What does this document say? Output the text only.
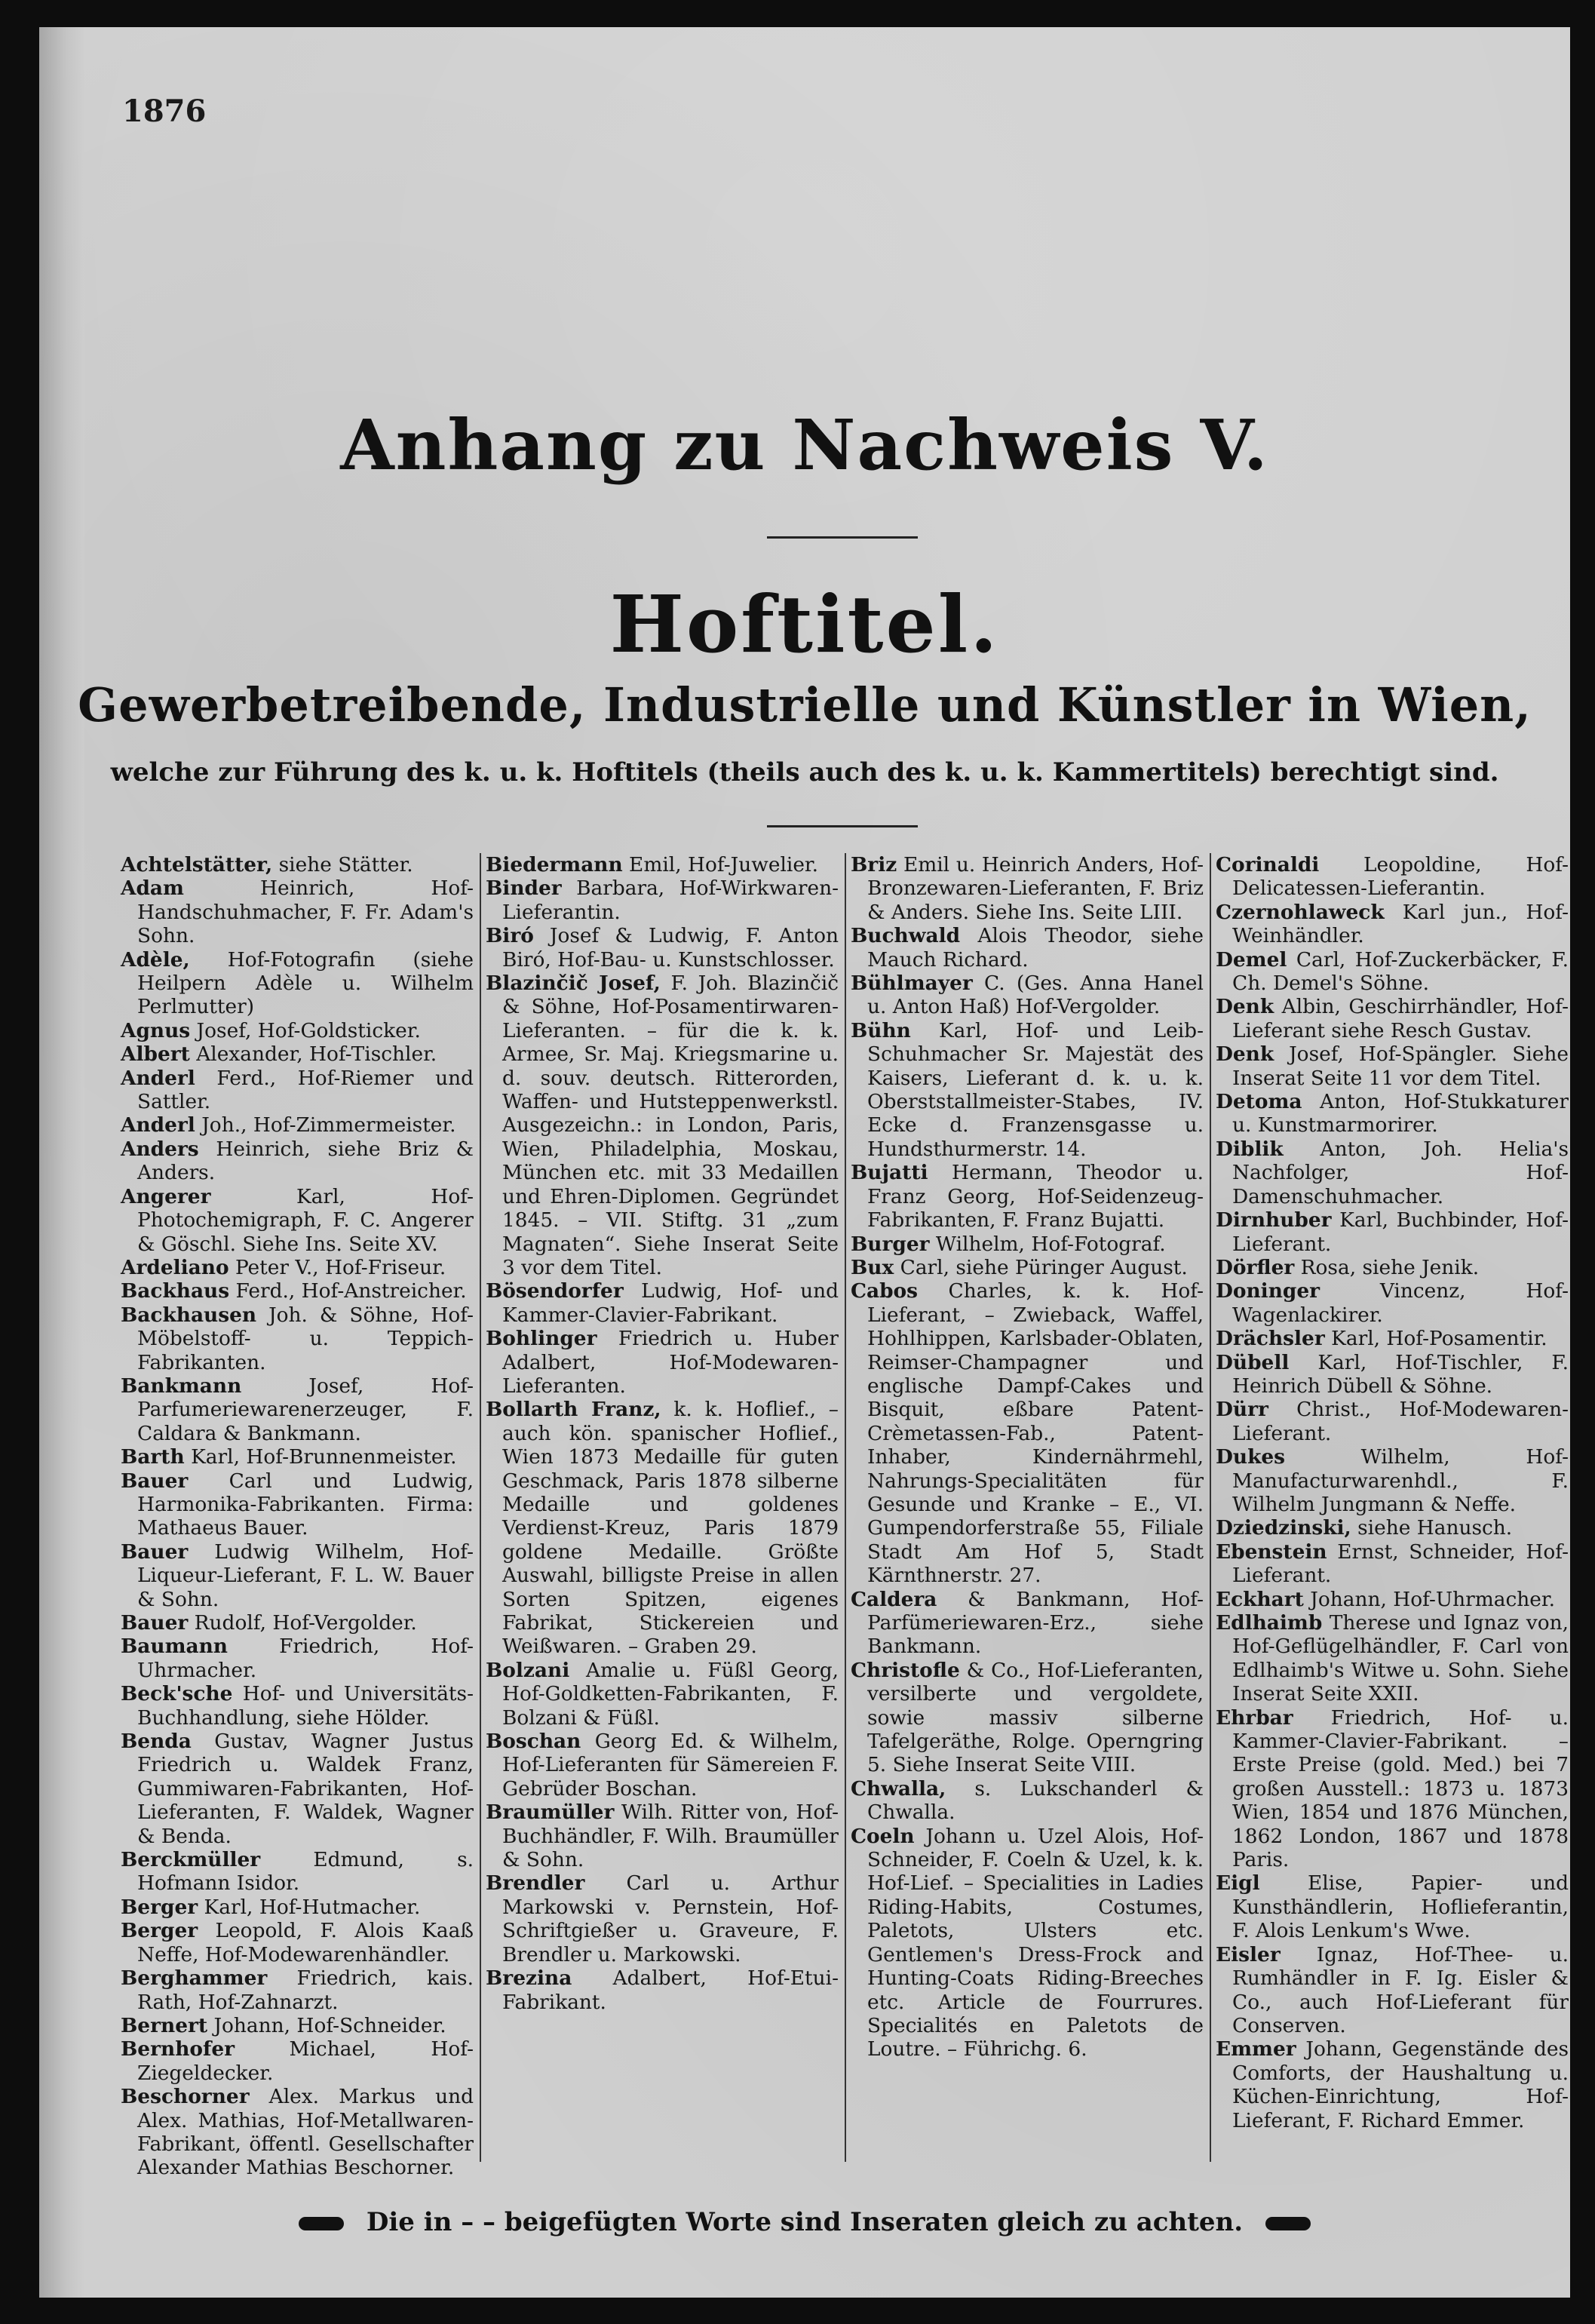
1876
Anhang zu Nachweis V.
Hoftitel.
Gewerbetreibende, Industrielle und Künstler in Wien,
welche zur Führung des k. u. k. Hoftitels (theils auch des k. u. k. Kammertitels) berechtigt sind.
Achtelstätter, siehe Stätter.
Adam Heinrich, Hof-Handschuhmacher, F. Fr. Adam's Sohn.
Adèle, Hof-Fotografin (siehe Heilpern Adèle u. Wilhelm Perlmutter)
Agnus Josef, Hof-Goldsticker.
Albert Alexander, Hof-Tischler.
Anderl Ferd., Hof-Riemer und Sattler.
Anderl Joh., Hof-Zimmermeister.
Anders Heinrich, siehe Briz & Anders.
Angerer Karl, Hof-Photochemigraph, F. C. Angerer & Göschl. Siehe Ins. Seite XV.
Ardeliano Peter V., Hof-Friseur.
Backhaus Ferd., Hof-Anstreicher.
Backhausen Joh. & Söhne, Hof-Möbelstoff- u. Teppich-Fabrikanten.
Bankmann Josef, Hof-Parfumeriewarenerzeuger, F. Caldara & Bankmann.
Barth Karl, Hof-Brunnenmeister.
Bauer Carl und Ludwig, Harmonika-Fabrikanten. Firma: Mathaeus Bauer.
Bauer Ludwig Wilhelm, Hof-Liqueur-Lieferant, F. L. W. Bauer & Sohn.
Bauer Rudolf, Hof-Vergolder.
Baumann Friedrich, Hof-Uhrmacher.
Beck'sche Hof- und Universitäts-Buchhandlung, siehe Hölder.
Benda Gustav, Wagner Justus Friedrich u. Waldek Franz, Gummiwaren-Fabrikanten, Hof-Lieferanten, F. Waldek, Wagner & Benda.
Berckmüller Edmund, s. Hofmann Isidor.
Berger Karl, Hof-Hutmacher.
Berger Leopold, F. Alois Kaaß Neffe, Hof-Modewarenhändler.
Berghammer Friedrich, kais. Rath, Hof-Zahnarzt.
Bernert Johann, Hof-Schneider.
Bernhofer Michael, Hof-Ziegeldecker.
Beschorner Alex. Markus und Alex. Mathias, Hof-Metallwaren-Fabrikant, öffentl. Gesellschafter Alexander Mathias Beschorner.
Biedermann Emil, Hof-Juwelier.
Binder Barbara, Hof-Wirkwaren-Lieferantin.
Biró Josef & Ludwig, F. Anton Biró, Hof-Bau- u. Kunstschlosser.
Blazinčič Josef, F. Joh. Blazinčič & Söhne, Hof-Posamentirwaren-Lieferanten. – für die k. k. Armee, Sr. Maj. Kriegsmarine u. d. souv. deutsch. Ritterorden, Waffen- und Hutsteppenwerkstl. Ausgezeichn.: in London, Paris, Wien, Philadelphia, Moskau, München etc. mit 33 Medaillen und Ehren-Diplomen. Gegründet 1845. – VII. Stiftg. 31 „zum Magnaten“. Siehe Inserat Seite 3 vor dem Titel.
Bösendorfer Ludwig, Hof- und Kammer-Clavier-Fabrikant.
Bohlinger Friedrich u. Huber Adalbert, Hof-Modewaren-Lieferanten.
Bollarth Franz, k. k. Hoflief., –auch kön. spanischer Hoflief., Wien 1873 Medaille für guten Geschmack, Paris 1878 silberne Medaille und goldenes Verdienst-Kreuz, Paris 1879 goldene Medaille. Größte Auswahl, billigste Preise in allen Sorten Spitzen, eigenes Fabrikat, Stickereien und Weißwaren. – Graben 29.
Bolzani Amalie u. Füßl Georg, Hof-Goldketten-Fabrikanten, F. Bolzani & Füßl.
Boschan Georg Ed. & Wilhelm, Hof-Lieferanten für Sämereien F. Gebrüder Boschan.
Braumüller Wilh. Ritter von, Hof-Buchhändler, F. Wilh. Braumüller & Sohn.
Brendler Carl u. Arthur Markowski v. Pernstein, Hof-Schriftgießer u. Graveure, F. Brendler u. Markowski.
Brezina Adalbert, Hof-Etui-Fabrikant.
Briz Emil u. Heinrich Anders, Hof-Bronzewaren-Lieferanten, F. Briz & Anders. Siehe Ins. Seite LIII.
Buchwald Alois Theodor, siehe Mauch Richard.
Bühlmayer C. (Ges. Anna Hanel u. Anton Haß) Hof-Vergolder.
Bühn Karl, Hof- und Leib-Schuhmacher Sr. Majestät des Kaisers, Lieferant d. k. u. k. Oberststallmeister-Stabes, IV. Ecke d. Franzensgasse u. Hundsthurmerstr. 14.
Bujatti Hermann, Theodor u. Franz Georg, Hof-Seidenzeug-Fabrikanten, F. Franz Bujatti.
Burger Wilhelm, Hof-Fotograf.
Bux Carl, siehe Püringer August.
Cabos Charles, k. k. Hof-Lieferant, – Zwieback, Waffel, Hohlhippen, Karlsbader-Oblaten, Reimser-Champagner und englische Dampf-Cakes und Bisquit, eßbare Patent-Crèmetassen-Fab., Patent-Inhaber, Kindernährmehl, Nahrungs-Specialitäten für Gesunde und Kranke – E., VI. Gumpendorferstraße 55, Filiale Stadt Am Hof 5, Stadt Kärnthnerstr. 27.
Caldera & Bankmann, Hof-Parfümeriewaren-Erz., siehe Bankmann.
Christofle & Co., Hof-Lieferanten, versilberte und vergoldete, sowie massiv silberne Tafelgeräthe, Rolge. Operngring 5. Siehe Inserat Seite VIII.
Chwalla, s. Lukschanderl & Chwalla.
Coeln Johann u. Uzel Alois, Hof-Schneider, F. Coeln & Uzel, k. k. Hof-Lief. – Specialities in Ladies Riding-Habits, Costumes, Paletots, Ulsters etc. Gentlemen's Dress-Frock and Hunting-Coats Riding-Breeches etc. Article de Fourrures. Specialités en Paletots de Loutre. – Führichg. 6.
Corinaldi Leopoldine, Hof-Delicatessen-Lieferantin.
Czernohlaweck Karl jun., Hof-Weinhändler.
Demel Carl, Hof-Zuckerbäcker, F. Ch. Demel's Söhne.
Denk Albin, Geschirrhändler, Hof-Lieferant siehe Resch Gustav.
Denk Josef, Hof-Spängler. Siehe Inserat Seite 11 vor dem Titel.
Detoma Anton, Hof-Stukkaturer u. Kunstmarmorirer.
Diblik Anton, Joh. Helia's Nachfolger, Hof-Damenschuhmacher.
Dirnhuber Karl, Buchbinder, Hof-Lieferant.
Dörfler Rosa, siehe Jenik.
Doninger Vincenz, Hof-Wagenlackirer.
Drächsler Karl, Hof-Posamentir.
Dübell Karl, Hof-Tischler, F. Heinrich Dübell & Söhne.
Dürr Christ., Hof-Modewaren-Lieferant.
Dukes Wilhelm, Hof-Manufacturwarenhdl., F. Wilhelm Jungmann & Neffe.
Dziedzinski, siehe Hanusch.
Ebenstein Ernst, Schneider, Hof-Lieferant.
Eckhart Johann, Hof-Uhrmacher.
Edlhaimb Therese und Ignaz von, Hof-Geflügelhändler, F. Carl von Edlhaimb's Witwe u. Sohn. Siehe Inserat Seite XXII.
Ehrbar Friedrich, Hof- u. Kammer-Clavier-Fabrikant. – Erste Preise (gold. Med.) bei 7 großen Ausstell.: 1873 u. 1873 Wien, 1854 und 1876 München, 1862 London, 1867 und 1878 Paris.
Eigl Elise, Papier- und Kunsthändlerin, Hoflieferantin, F. Alois Lenkum's Wwe.
Eisler Ignaz, Hof-Thee- u. Rumhändler in F. Ig. Eisler & Co., auch Hof-Lieferant für Conserven.
Emmer Johann, Gegenstände des Comforts, der Haushaltung u. Küchen-Einrichtung, Hof-Lieferant, F. Richard Emmer.
Die in – – beigefügten Worte sind Inseraten gleich zu achten.
